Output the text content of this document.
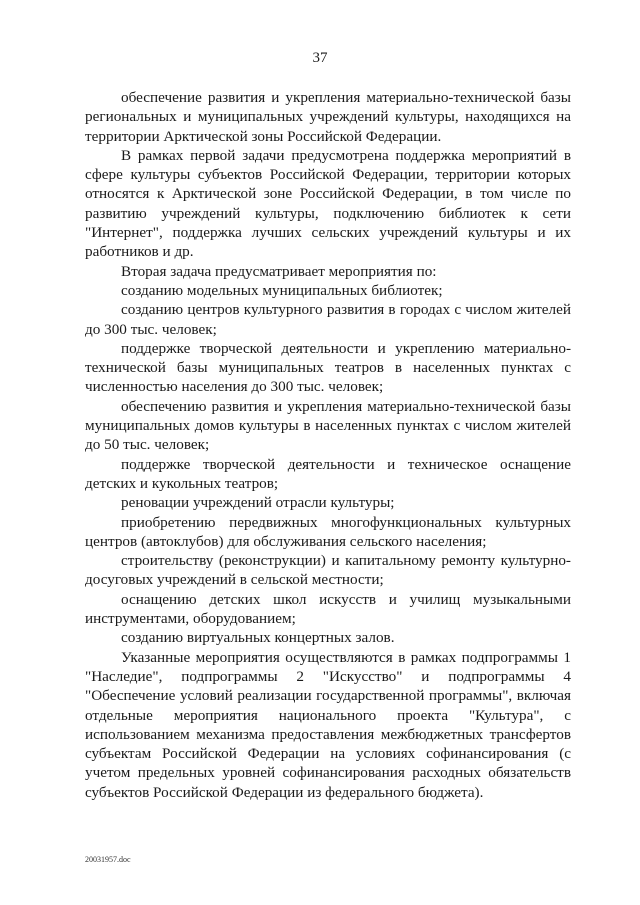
37

обеспечение развития и укрепления материально-технической базы региональных и муниципальных учреждений культуры, находящихся на территории Арктической зоны Российской Федерации.

В рамках первой задачи предусмотрена поддержка мероприятий в сфере культуры субъектов Российской Федерации, территории которых относятся к Арктической зоне Российской Федерации, в том числе по развитию учреждений культуры, подключению библиотек к сети "Интернет", поддержка лучших сельских учреждений культуры и их работников и др.

Вторая задача предусматривает мероприятия по:

созданию модельных муниципальных библиотек;

созданию центров культурного развития в городах с числом жителей до 300 тыс. человек;

поддержке творческой деятельности и укреплению материально-технической базы муниципальных театров в населенных пунктах с численностью населения до 300 тыс. человек;

обеспечению развития и укрепления материально-технической базы муниципальных домов культуры в населенных пунктах с числом жителей до 50 тыс. человек;

поддержке творческой деятельности и техническое оснащение детских и кукольных театров;

реновации учреждений отрасли культуры;

приобретению передвижных многофункциональных культурных центров (автоклубов) для обслуживания сельского населения;

строительству (реконструкции) и капитальному ремонту культурно-досуговых учреждений в сельской местности;

оснащению детских школ искусств и училищ музыкальными инструментами, оборудованием;

созданию виртуальных концертных залов.

Указанные мероприятия осуществляются в рамках подпрограммы 1 "Наследие", подпрограммы 2 "Искусство" и подпрограммы 4 "Обеспечение условий реализации государственной программы", включая отдельные мероприятия национального проекта "Культура", с использованием механизма предоставления межбюджетных трансфертов субъектам Российской Федерации на условиях софинансирования (с учетом предельных уровней софинансирования расходных обязательств субъектов Российской Федерации из федерального бюджета).

20031957.doc
